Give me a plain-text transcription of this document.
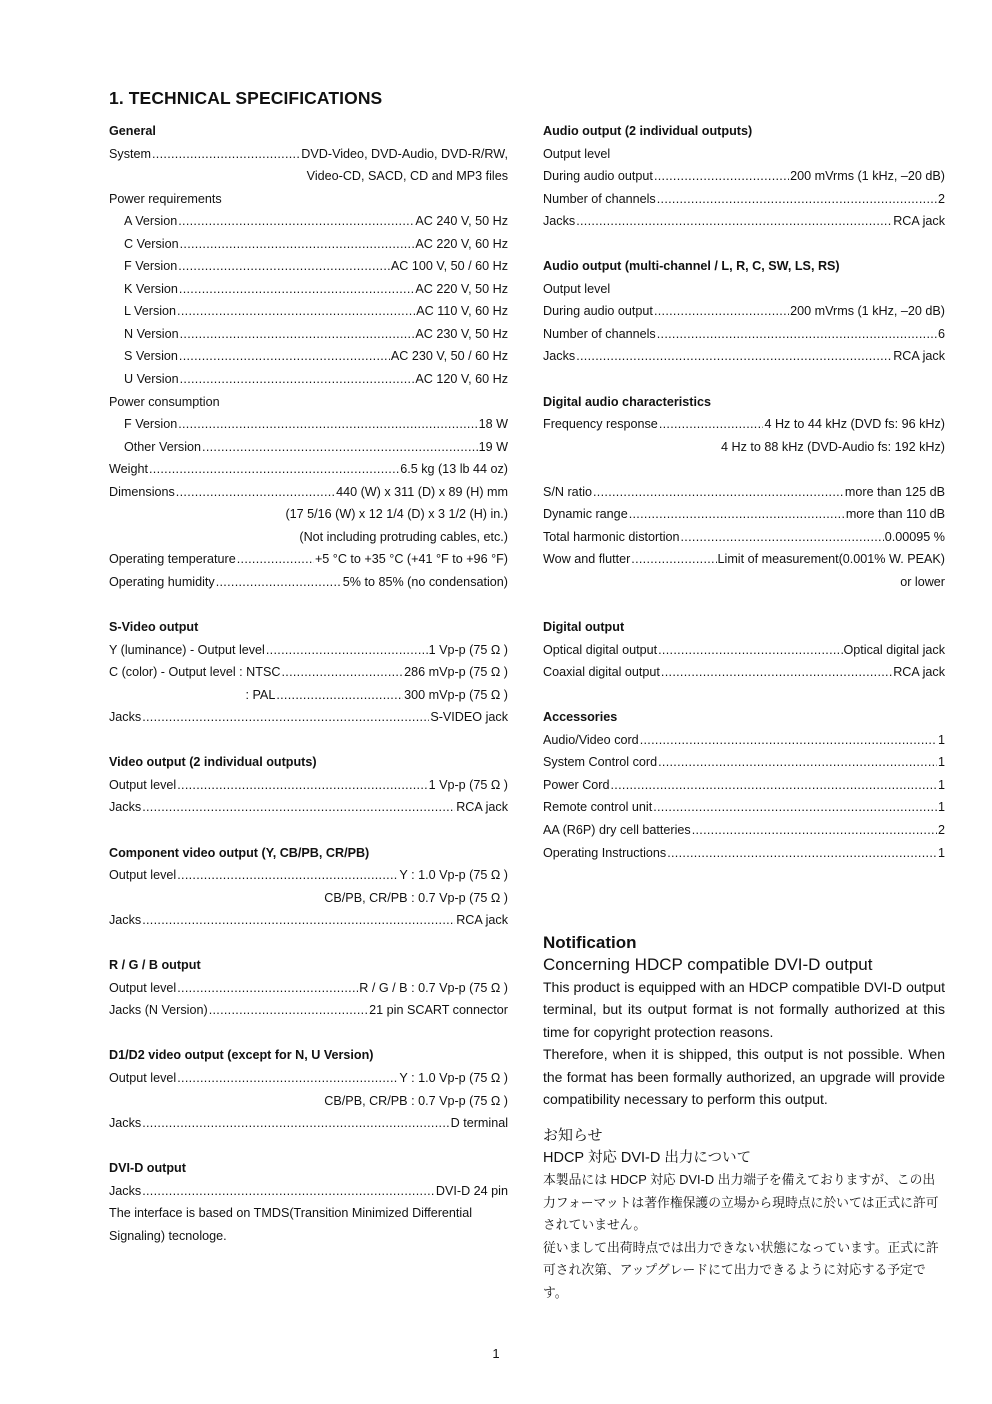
1. TECHNICAL SPECIFICATIONS
General
System .....	DVD-Video, DVD-Audio, DVD-R/RW,
Video-CD, SACD, CD and MP3 files
Power requirements
A Version .....	AC 240 V, 50 Hz
C Version .....	AC 220 V, 60 Hz
F Version .....	AC 100 V, 50 / 60 Hz
K Version .....	AC 220 V, 50 Hz
L Version .....	AC 110 V, 60 Hz
N Version .....	AC 230 V, 50 Hz
S Version .....	AC 230 V, 50 / 60 Hz
U Version .....	AC 120 V, 60 Hz
Power consumption
F Version .....	18 W
Other Version .....	19 W
Weight .....	6.5 kg (13 lb 44 oz)
Dimensions .....	440 (W) x 311 (D) x 89 (H) mm
(17 5/16 (W) x 12 1/4 (D) x 3 1/2 (H) in.)
(Not including protruding cables, etc.)
Operating temperature .....	+5 °C to +35 °C (+41 °F to +96 °F)
Operating humidity .....	5% to 85% (no condensation)
S-Video output
Y (luminance) - Output level .....	1 Vp-p (75 Ω )
C (color) - Output level : NTSC .....	286 mVp-p (75 Ω )
: PAL .....	300 mVp-p (75 Ω )
Jacks .....	S-VIDEO jack
Video output (2 individual outputs)
Output level .....	1 Vp-p (75 Ω )
Jacks .....	RCA jack
Component video output (Y, CB/PB, CR/PB)
Output level .....	Y : 1.0 Vp-p (75 Ω )
CB/PB, CR/PB : 0.7 Vp-p (75 Ω )
Jacks .....	RCA jack
R / G / B output
Output level .....	R / G / B : 0.7 Vp-p (75 Ω )
Jacks (N Version) .....	21 pin SCART connector
D1/D2 video output (except for N, U Version)
Output level .....	Y : 1.0 Vp-p (75 Ω )
CB/PB, CR/PB : 0.7 Vp-p (75 Ω )
Jacks .....	D terminal
DVI-D output
Jacks .....	DVI-D 24 pin
The interface is based on TMDS(Transition Minimized Differential
Signaling) tecnologe.
Audio output (2 individual outputs)
Output level
During audio output .....	200 mVrms (1 kHz, –20 dB)
Number of channels .....	2
Jacks .....	RCA jack
Audio output (multi-channel / L, R, C, SW, LS, RS)
Output level
During audio output .....	200 mVrms (1 kHz, –20 dB)
Number of channels .....	6
Jacks .....	RCA jack
Digital audio characteristics
Frequency response .....	4 Hz to 44 kHz (DVD fs: 96 kHz)
4 Hz to 88 kHz (DVD-Audio fs: 192 kHz)
S/N ratio .....	more than 125 dB
Dynamic range .....	more than 110 dB
Total harmonic distortion .....	0.00095 %
Wow and flutter .....	Limit of measurement(0.001% W. PEAK)
or lower
Digital output
Optical digital output .....	Optical digital jack
Coaxial digital output .....	RCA jack
Accessories
Audio/Video cord .....	1
System Control cord .....	1
Power Cord .....	1
Remote control unit .....	1
AA (R6P) dry cell batteries .....	2
Operating Instructions .....	1
Notification
Concerning HDCP compatible DVI-D output

This product is equipped with an HDCP compatible DVI-D output terminal, but its output format is not formally authorized at this time for copyright protection reasons.

Therefore, when it is shipped, this output is not possible. When the format has been formally authorized, an upgrade will provide compatibility necessary to perform this output.

お知らせ
HDCP 対応 DVI-D 出力について

本製品には HDCP 対応 DVI-D 出力端子を備えておりますが、この出力フォーマットは著作権保護の立場から現時点に於いては正式に許可されていません。

従いまして出荷時点では出力できない状態になっています。正式に許可され次第、アップグレードにて出力できるように対応する予定です。

1
